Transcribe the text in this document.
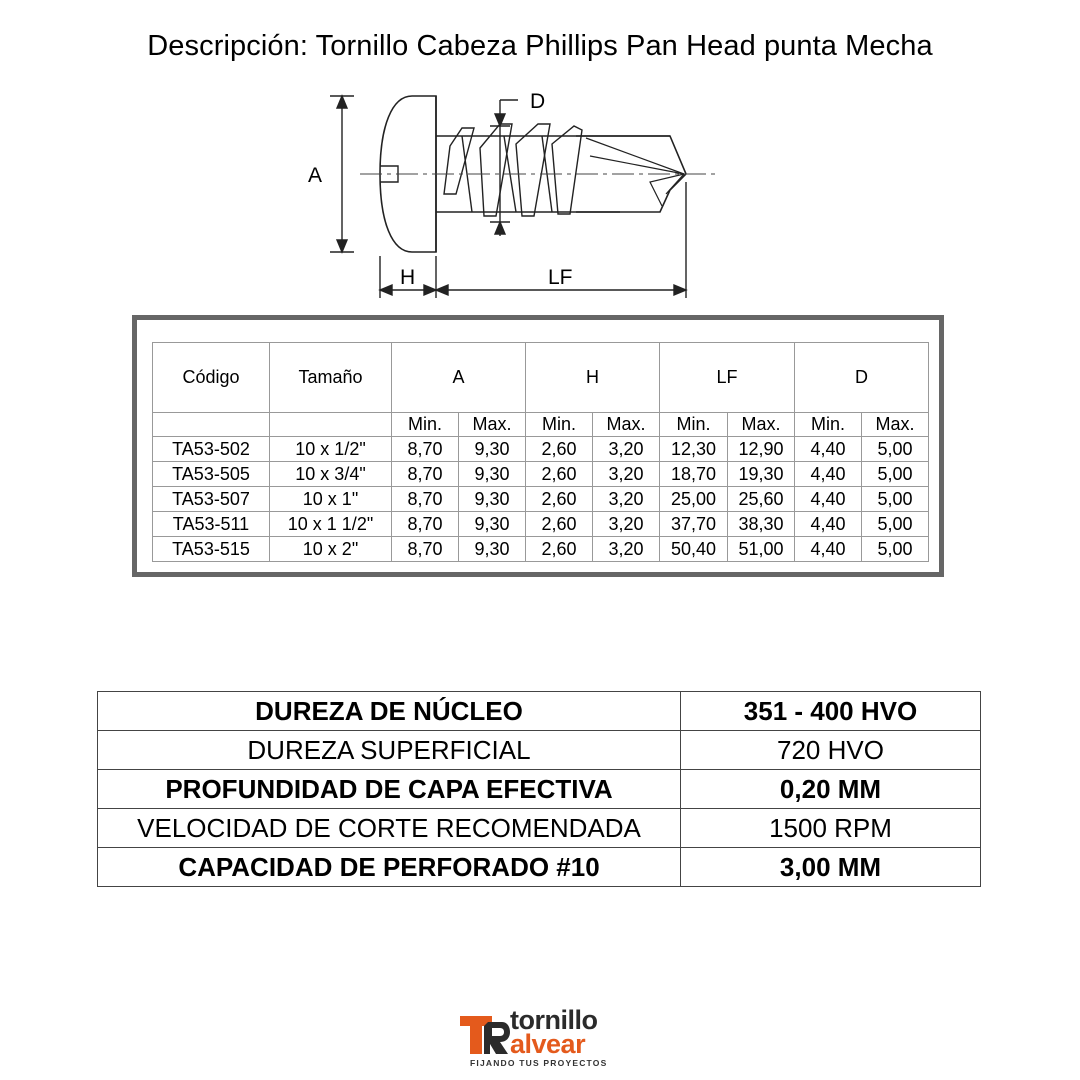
Descripción: Tornillo Cabeza Phillips Pan Head punta Mecha
A
D
H	LF
Código	Tamaño	A		H		LF		D	
		Min.	Max.	Min.	Max.	Min.	Max.	Min.	Max.
TA53-502	10 x 1/2"	8,70	9,30	2,60	3,20	12,30	12,90	4,40	5,00
TA53-505	10 x 3/4"	8,70	9,30	2,60	3,20	18,70	19,30	4,40	5,00
TA53-507	10 x 1"	8,70	9,30	2,60	3,20	25,00	25,60	4,40	5,00
TA53-511	10 x 1 1/2"	8,70	9,30	2,60	3,20	37,70	38,30	4,40	5,00
TA53-515	10 x 2"	8,70	9,30	2,60	3,20	50,40	51,00	4,40	5,00
DUREZA DE NÚCLEO	351 - 400 HVO
DUREZA SUPERFICIAL	720 HVO
PROFUNDIDAD DE CAPA EFECTIVA	0,20 MM
VELOCIDAD DE CORTE RECOMENDADA	1500 RPM
CAPACIDAD DE PERFORADO #10	3,00 MM
tornillo
alvear
FIJANDO TUS PROYECTOS
